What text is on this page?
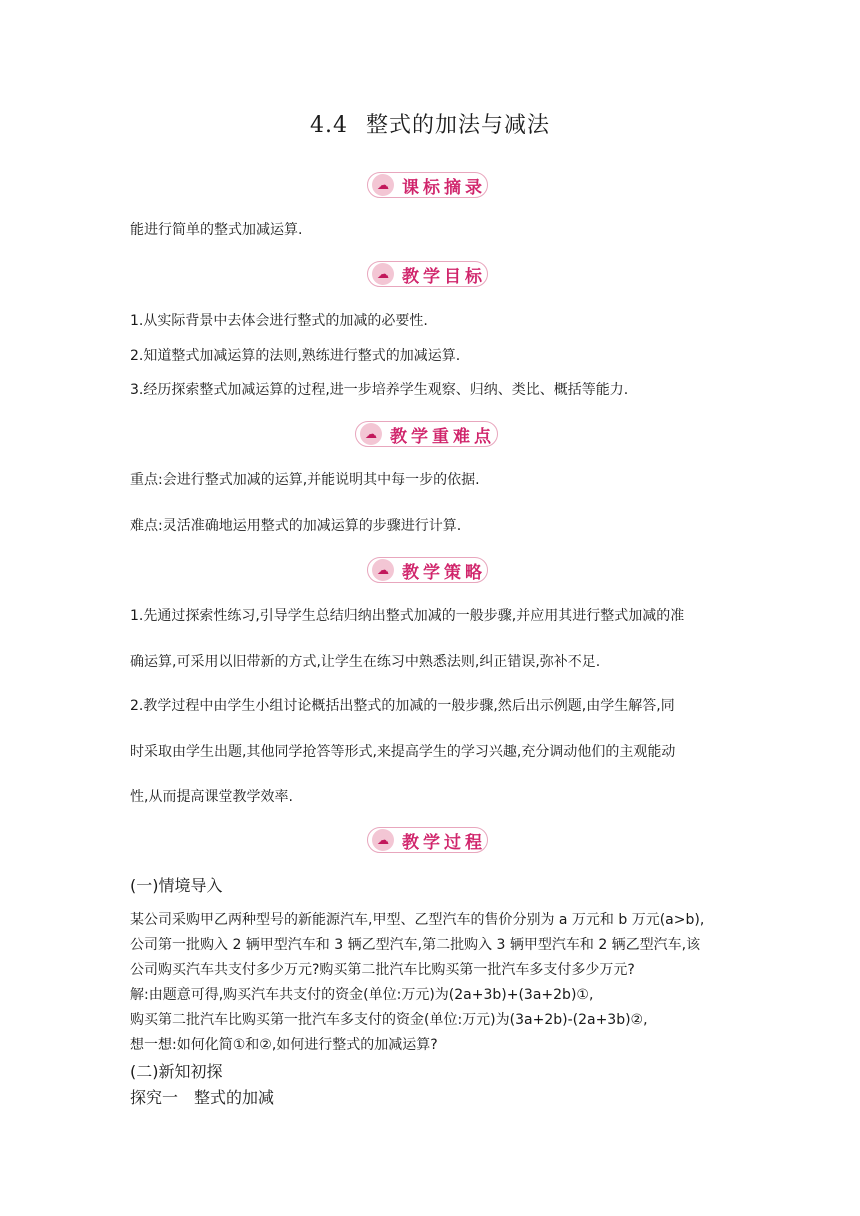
4.4 整式的加法与减法
☁ 课标摘录
能进行简单的整式加减运算.
☁ 教学目标
1.从实际背景中去体会进行整式的加减的必要性.
2.知道整式加减运算的法则,熟练进行整式的加减运算.
3.经历探索整式加减运算的过程,进一步培养学生观察、归纳、类比、概括等能力.
☁ 教学重难点
重点:会进行整式加减的运算,并能说明其中每一步的依据.
难点:灵活准确地运用整式的加减运算的步骤进行计算.
☁ 教学策略
1.先通过探索性练习,引导学生总结归纳出整式加减的一般步骤,并应用其进行整式加减的准
确运算,可采用以旧带新的方式,让学生在练习中熟悉法则,纠正错误,弥补不足.
2.教学过程中由学生小组讨论概括出整式的加减的一般步骤,然后出示例题,由学生解答,同
时采取由学生出题,其他同学抢答等形式,来提高学生的学习兴趣,充分调动他们的主观能动
性,从而提高课堂教学效率.
☁ 教学过程
(一)情境导入
某公司采购甲乙两种型号的新能源汽车,甲型、乙型汽车的售价分别为 a 万元和 b 万元(a>b),
公司第一批购入 2 辆甲型汽车和 3 辆乙型汽车,第二批购入 3 辆甲型汽车和 2 辆乙型汽车,该
公司购买汽车共支付多少万元?购买第二批汽车比购买第一批汽车多支付多少万元?
解:由题意可得,购买汽车共支付的资金(单位:万元)为(2a+3b)+(3a+2b)①,
购买第二批汽车比购买第一批汽车多支付的资金(单位:万元)为(3a+2b)-(2a+3b)②,
想一想:如何化简①和②,如何进行整式的加减运算?
(二)新知初探
探究一　整式的加减
